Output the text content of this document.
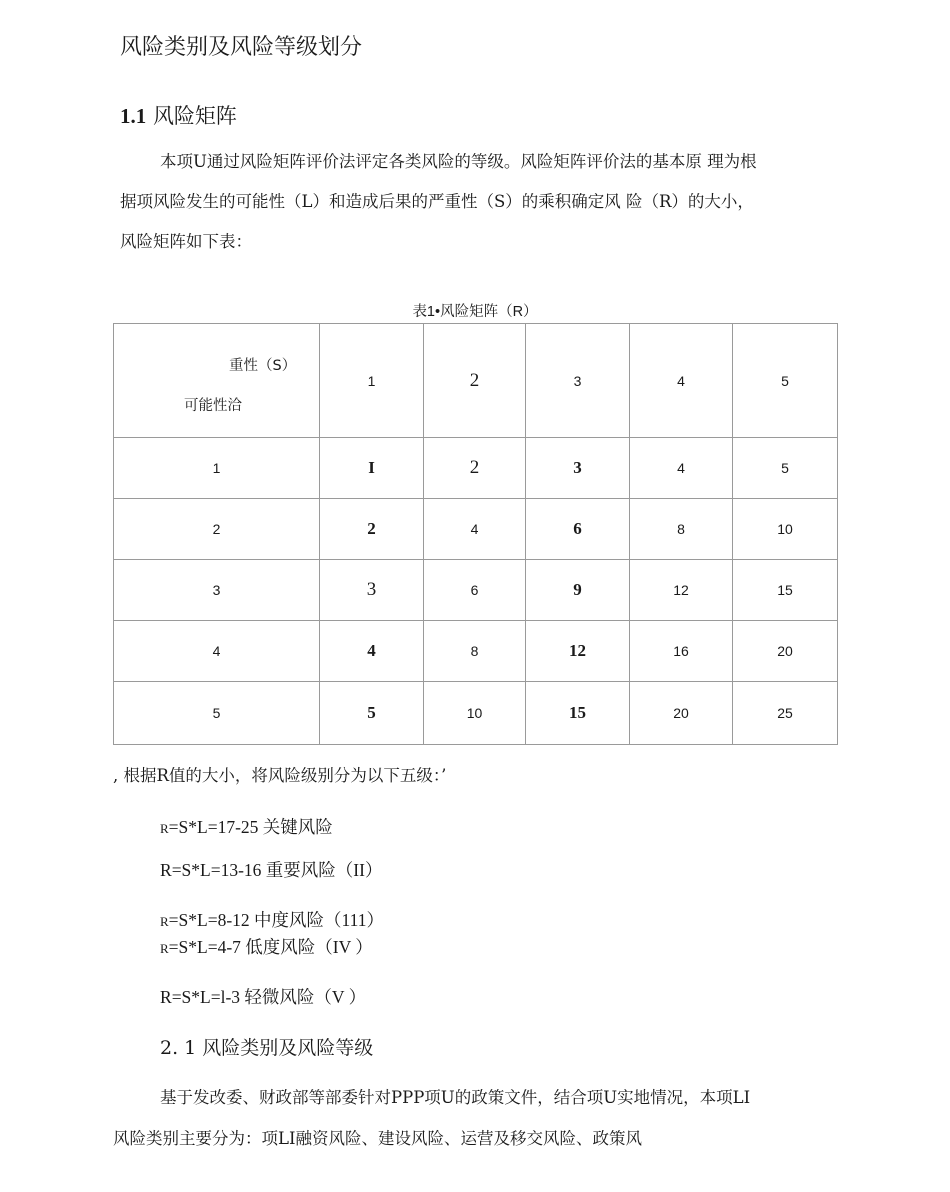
风险类别及风险等级划分
1.1 风险矩阵
本项U通过风险矩阵评价法评定各类风险的等级。风险矩阵评价法的基本原 理为根
据项风险发生的可能性（L）和造成后果的严重性（S）的乘积确定风 险（R）的大小，
风险矩阵如下表：
表1•风险矩阵（R）
重性（S）
可能性洽	1	2	3	4	5
1	I	2	3	4	5
2	2	4	6	8	10
3	3	6	9	12	15
4	4	8	12	16	20
5	5	10	15	20	25
, 根据R值的大小，将风险级别分为以下五级：’
R=S*L=17-25 关键风险
R=S*L=13-16 重要风险（II）
R=S*L=8-12 中度风险（111）
R=S*L=4-7 低度风险（IV ）
R=S*L=l-3 轻微风险（V ）
2. 1 风险类别及风险等级
基于发改委、财政部等部委针对PPP项U的政策文件，结合项U实地情况，本项LI
风险类别主要分为：项LI融资风险、建设风险、运营及移交风险、政策风
